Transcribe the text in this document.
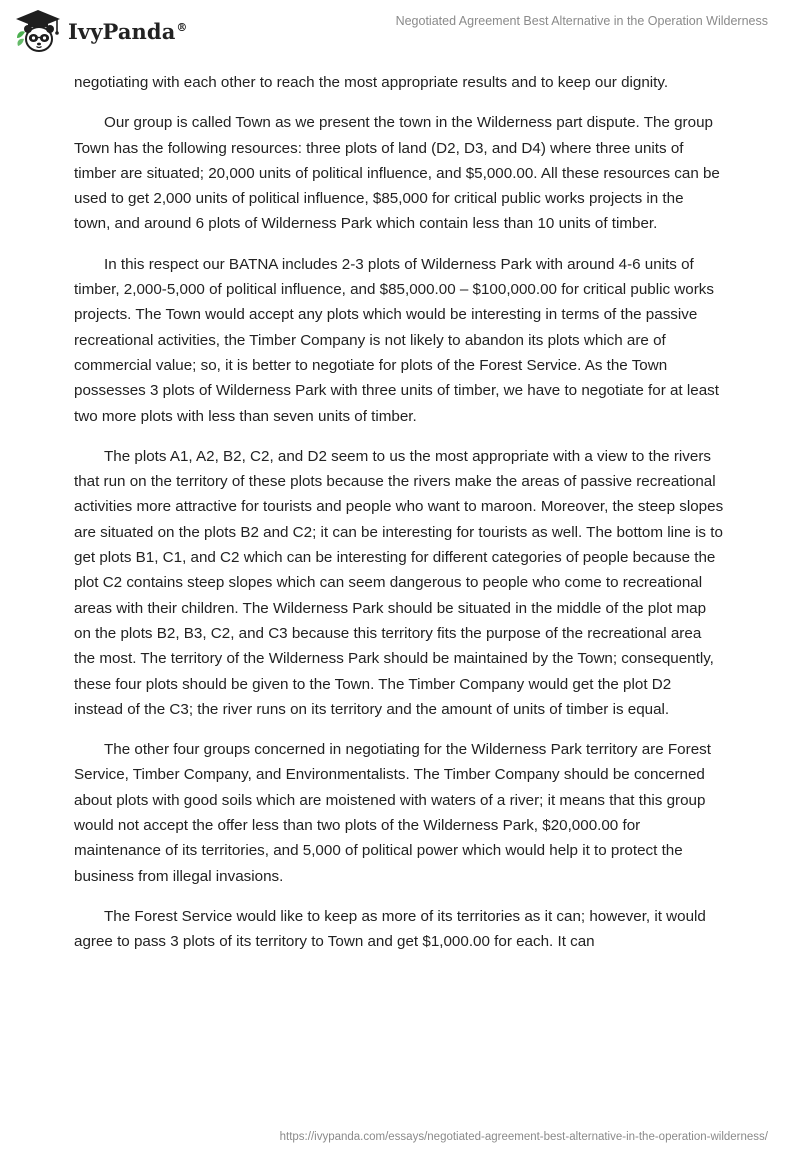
IvyPanda®	Negotiated Agreement Best Alternative in the Operation Wilderness

negotiating with each other to reach the most appropriate results and to keep our dignity.

Our group is called Town as we present the town in the Wilderness part dispute. The group Town has the following resources: three plots of land (D2, D3, and D4) where three units of timber are situated; 20,000 units of political influence, and $5,000.00. All these resources can be used to get 2,000 units of political influence, $85,000 for critical public works projects in the town, and around 6 plots of Wilderness Park which contain less than 10 units of timber.

In this respect our BATNA includes 2-3 plots of Wilderness Park with around 4-6 units of timber, 2,000-5,000 of political influence, and $85,000.00 – $100,000.00 for critical public works projects. The Town would accept any plots which would be interesting in terms of the passive recreational activities, the Timber Company is not likely to abandon its plots which are of commercial value; so, it is better to negotiate for plots of the Forest Service. As the Town possesses 3 plots of Wilderness Park with three units of timber, we have to negotiate for at least two more plots with less than seven units of timber.

The plots A1, A2, B2, C2, and D2 seem to us the most appropriate with a view to the rivers that run on the territory of these plots because the rivers make the areas of passive recreational activities more attractive for tourists and people who want to maroon. Moreover, the steep slopes are situated on the plots B2 and C2; it can be interesting for tourists as well. The bottom line is to get plots B1, C1, and C2 which can be interesting for different categories of people because the plot C2 contains steep slopes which can seem dangerous to people who come to recreational areas with their children. The Wilderness Park should be situated in the middle of the plot map on the plots B2, B3, C2, and C3 because this territory fits the purpose of the recreational area the most. The territory of the Wilderness Park should be maintained by the Town; consequently, these four plots should be given to the Town. The Timber Company would get the plot D2 instead of the C3; the river runs on its territory and the amount of units of timber is equal.

The other four groups concerned in negotiating for the Wilderness Park territory are Forest Service, Timber Company, and Environmentalists. The Timber Company should be concerned about plots with good soils which are moistened with waters of a river; it means that this group would not accept the offer less than two plots of the Wilderness Park, $20,000.00 for maintenance of its territories, and 5,000 of political power which would help it to protect the business from illegal invasions.

The Forest Service would like to keep as more of its territories as it can; however, it would agree to pass 3 plots of its territory to Town and get $1,000.00 for each. It can

https://ivypanda.com/essays/negotiated-agreement-best-alternative-in-the-operation-wilderness/
